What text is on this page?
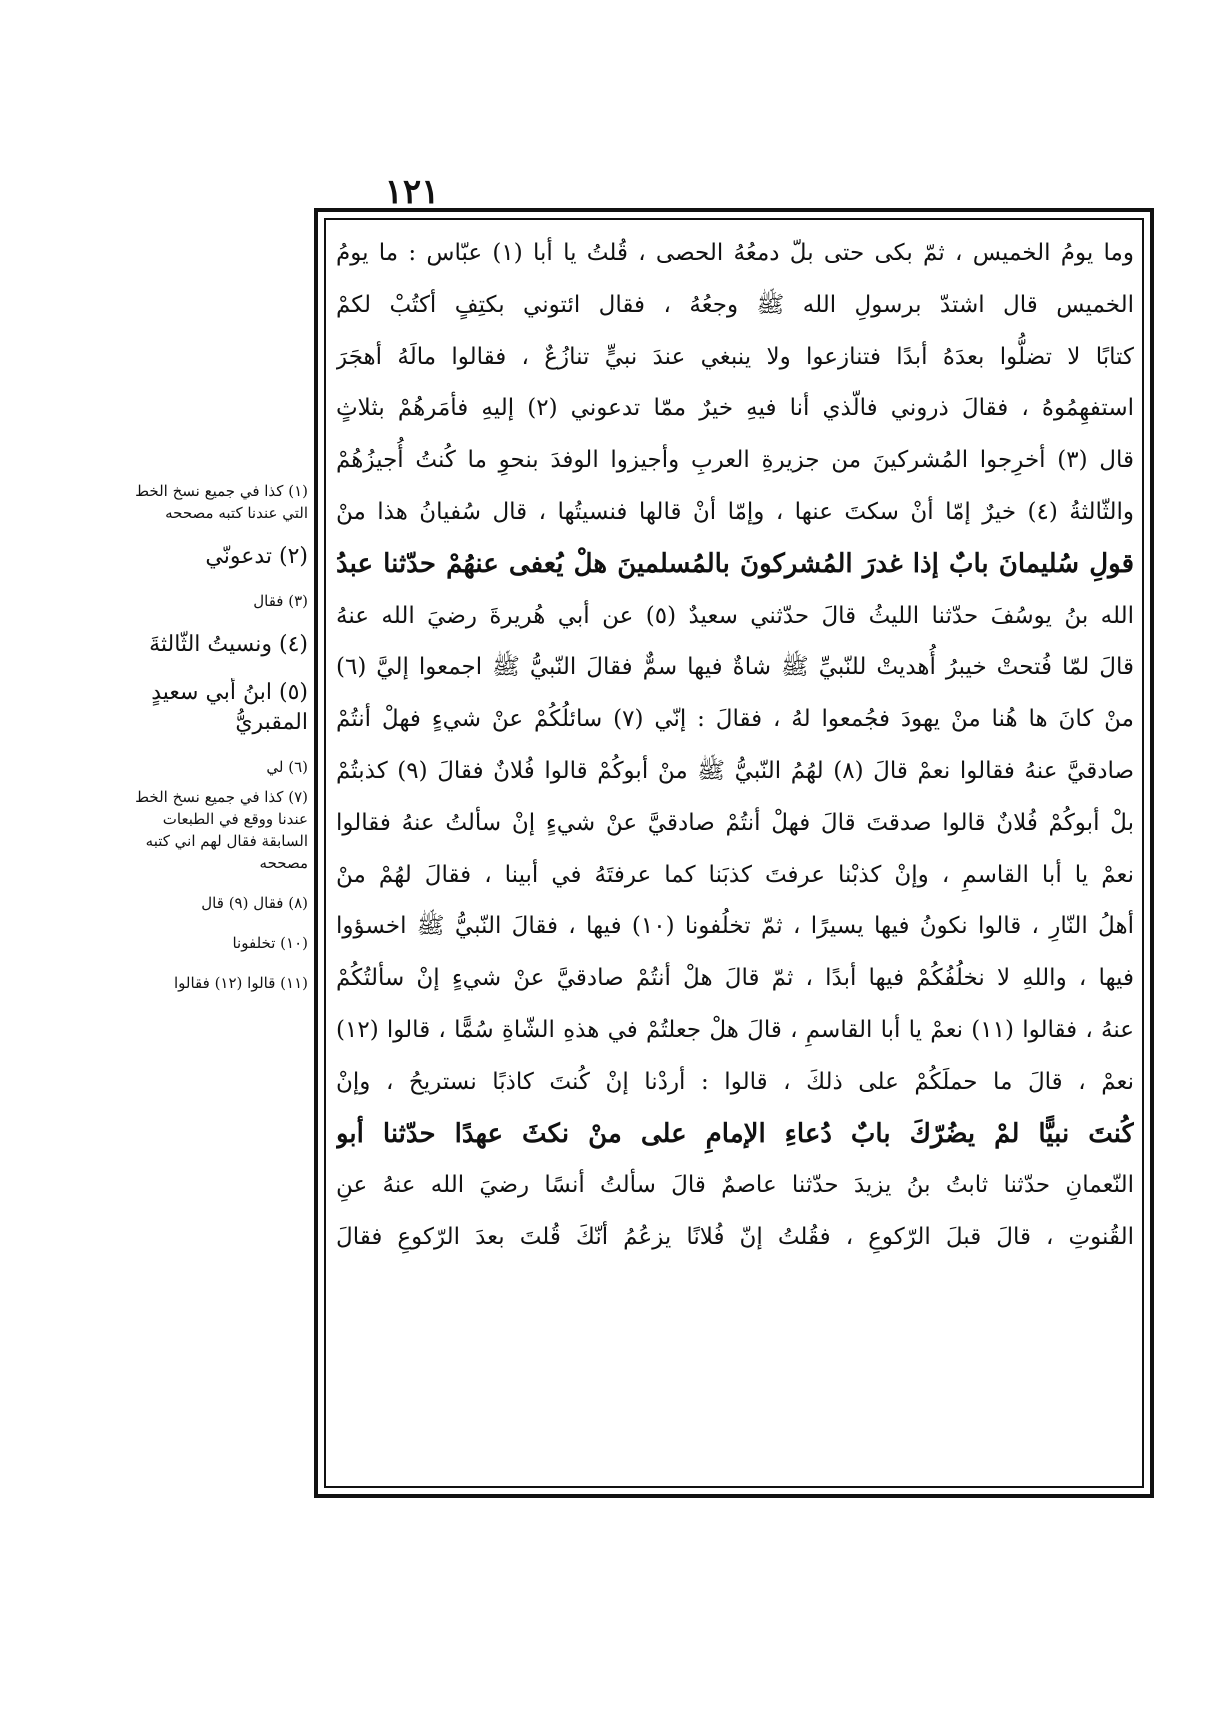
١٢١
وما يومُ الخميس ، ثمّ بكى حتى بلّ دمعُهُ الحصى ، قُلتُ يا أبا (١) عبّاس : ما يومُ
الخميس قال اشتدّ برسولِ الله ﷺ وجعُهُ ، فقال ائتوني بكتِفٍ أكتُبْ لكمْ
كتابًا لا تضلُّوا بعدَهُ أبدًا فتنازعوا ولا ينبغي عندَ نبيٍّ تنازُعٌ ، فقالوا مالَهُ أهجَرَ
استفهِمُوهُ ، فقالَ ذروني فالّذي أنا فيهِ خيرٌ ممّا تدعوني (٢) إليهِ فأمَرهُمْ بثلاثٍ
قال (٣) أخرِجوا المُشركينَ من جزيرةِ العربِ وأجيزوا الوفدَ بنحوِ ما كُنتُ أُجيزُهُمْ
والثّالثةُ (٤) خيرٌ إمّا أنْ سكتَ عنها ، وإمّا أنْ قالها فنسيتُها ، قال سُفيانُ هذا منْ
قولِ سُليمانَ بابٌ إذا غدرَ المُشركونَ بالمُسلمينَ هلْ يُعفى عنهُمْ حدّثنا عبدُ
الله بنُ يوسُفَ حدّثنا الليثُ قالَ حدّثني سعيدٌ (٥) عن أبي هُريرةَ رضيَ الله عنهُ
قالَ لمّا فُتحتْ خيبرُ أُهديتْ للنّبيِّ ﷺ شاةٌ فيها سمٌّ فقالَ النّبيُّ ﷺ اجمعوا إليَّ (٦)
منْ كانَ ها هُنا منْ يهودَ فجُمعوا لهُ ، فقالَ : إنّي (٧) سائلُكُمْ عنْ شيءٍ فهلْ أنتُمْ
صادقيَّ عنهُ فقالوا نعمْ قالَ (٨) لهُمُ النّبيُّ ﷺ منْ أبوكُمْ قالوا فُلانٌ فقالَ (٩) كذبتُمْ
بلْ أبوكُمْ فُلانٌ قالوا صدقتَ قالَ فهلْ أنتُمْ صادقيَّ عنْ شيءٍ إنْ سألتُ عنهُ فقالوا
نعمْ يا أبا القاسمِ ، وإنْ كذبْنا عرفتَ كذبَنا كما عرفتَهُ في أبينا ، فقالَ لهُمْ منْ
أهلُ النّارِ ، قالوا نكونُ فيها يسيرًا ، ثمّ تخلُفونا (١٠) فيها ، فقالَ النّبيُّ ﷺ اخسؤوا
فيها ، واللهِ لا نخلُفُكُمْ فيها أبدًا ، ثمّ قالَ هلْ أنتُمْ صادقيَّ عنْ شيءٍ إنْ سألتُكُمْ
عنهُ ، فقالوا (١١) نعمْ يا أبا القاسمِ ، قالَ هلْ جعلتُمْ في هذهِ الشّاةِ سُمًّا ، قالوا (١٢)
نعمْ ، قالَ ما حملَكُمْ على ذلكَ ، قالوا : أردْنا إنْ كُنتَ كاذبًا نستريحُ ، وإنْ
كُنتَ نبيًّا لمْ يضُرّكَ بابٌ دُعاءِ الإمامِ على منْ نكثَ عهدًا حدّثنا أبو
النّعمانِ حدّثنا ثابتُ بنُ يزيدَ حدّثنا عاصمٌ قالَ سألتُ أنسًا رضيَ الله عنهُ عنِ
القُنوتِ ، قالَ قبلَ الرّكوعِ ، فقُلتُ إنّ فُلانًا يزعُمُ أنّكَ قُلتَ بعدَ الرّكوعِ فقالَ
(١) كذا في جميع نسخ الخط التي عندنا كتبه مصححه
(٢) تدعونّي
(٣) فقال
(٤) ونسيتُ الثّالثةَ
(٥) ابنُ أبي سعيدٍ المقبريُّ
(٦) لي
(٧) كذا في جميع نسخ الخط عندنا ووقع في الطبعات السابقة فقال لهم اني كتبه مصححه
(٨) فقال (٩) قال
(١٠) تخلفونا
(١١) قالوا (١٢) فقالوا
